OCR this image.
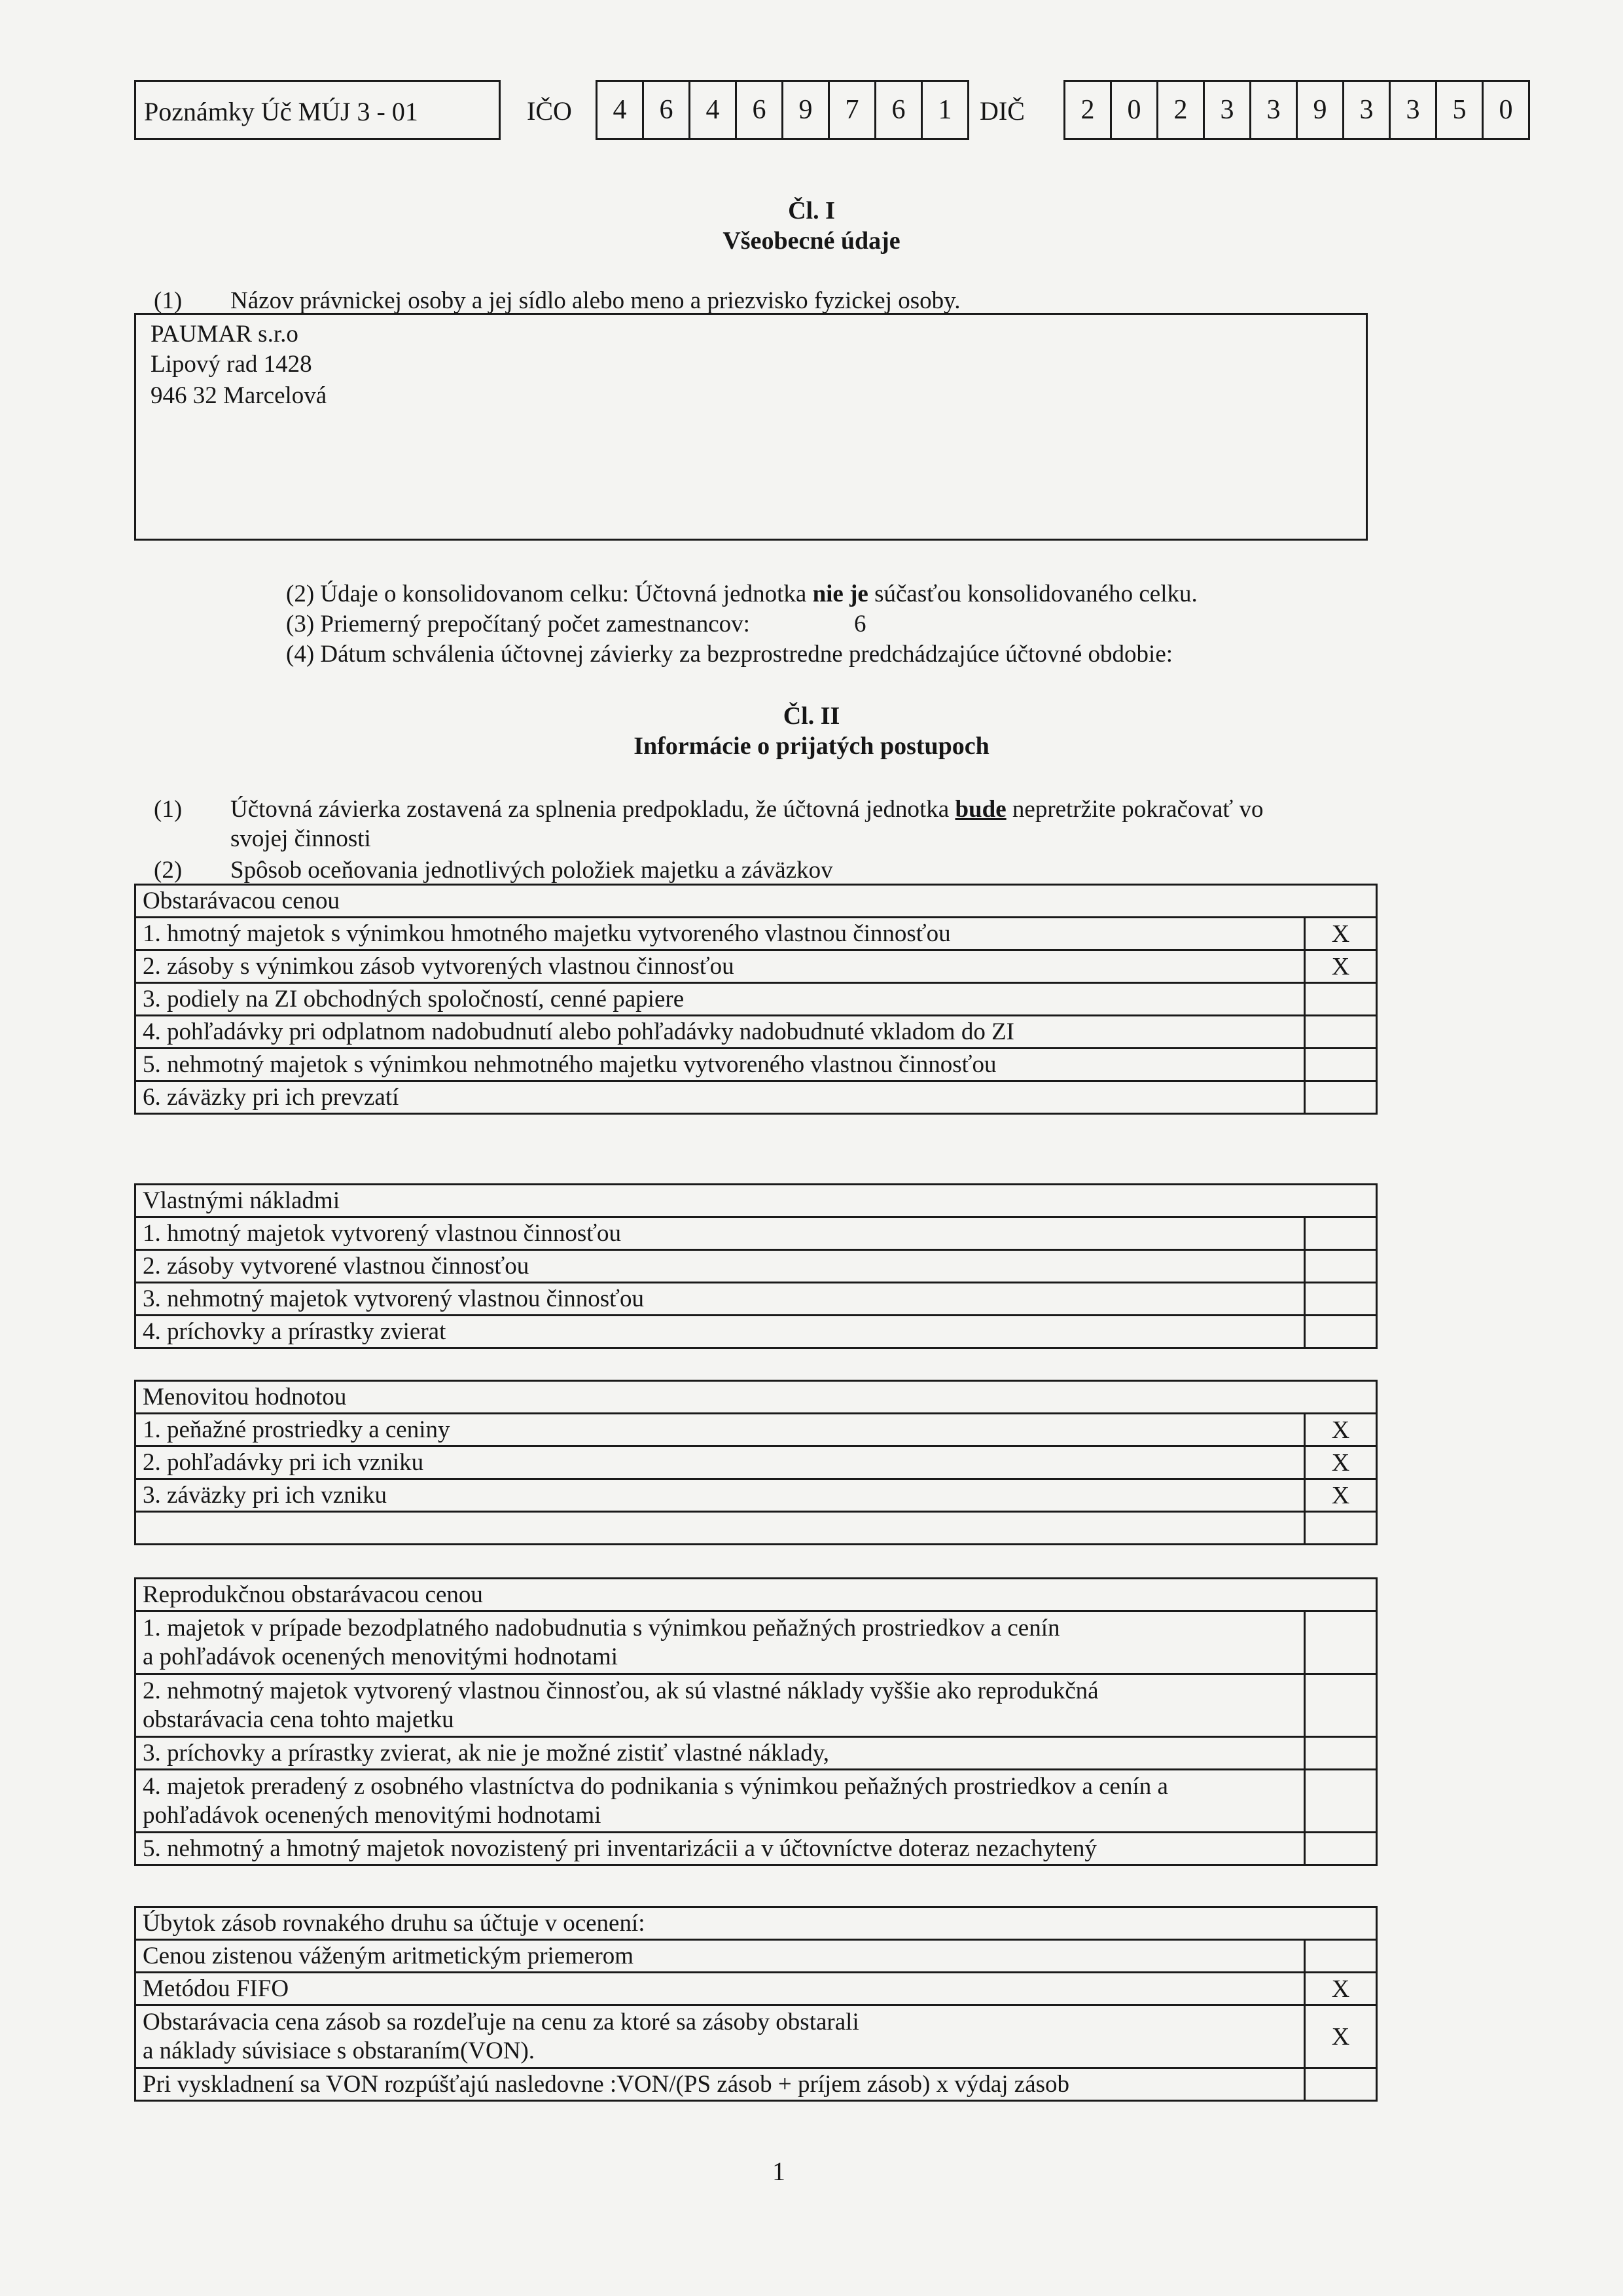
Poznámky Úč MÚJ 3 - 01	IČO	4	6	4	6	9	7	6	1	DIČ	2	0	2	3	3	9	3	3	5	0
Čl. I
Všeobecné údaje
(1) Názov právnickej osoby a jej sídlo alebo meno a priezvisko fyzickej osoby.
PAUMAR s.r.o
Lipový rad 1428
946 32 Marcelová
(2) Údaje o konsolidovanom celku: Účtovná jednotka nie je súčasťou konsolidovaného celku.
(3) Priemerný prepočítaný počet zamestnancov:	6
(4) Dátum schválenia účtovnej závierky za bezprostredne predchádzajúce účtovné obdobie:
Čl. II
Informácie o prijatých postupoch
(1) Účtovná závierka zostavená za splnenia predpokladu, že účtovná jednotka bude nepretržite pokračovať vo
svojej činnosti
(2) Spôsob oceňovania jednotlivých položiek majetku a záväzkov
Obstarávacou cenou	
1. hmotný majetok s výnimkou hmotného majetku vytvoreného vlastnou činnosťou	X
2. zásoby s výnimkou zásob vytvorených vlastnou činnosťou	X
3. podiely na ZI obchodných spoločností, cenné papiere	
4. pohľadávky pri odplatnom nadobudnutí alebo pohľadávky nadobudnuté vkladom do ZI	
5. nehmotný majetok s výnimkou nehmotného majetku vytvoreného vlastnou činnosťou	
6. záväzky pri ich prevzatí	
Vlastnými nákladmi	
1. hmotný majetok vytvorený vlastnou činnosťou	
2. zásoby vytvorené vlastnou činnosťou	
3. nehmotný majetok vytvorený vlastnou činnosťou	
4. príchovky a prírastky zvierat	
Menovitou hodnotou	
1. peňažné prostriedky a ceniny	X
2. pohľadávky pri ich vzniku	X
3. záväzky pri ich vzniku	X

Reprodukčnou obstarávacou cenou	

1. majetok v prípade bezodplatného nadobudnutia s výnimkou peňažných prostriedkov a cenín
a pohľadávok ocenených menovitými hodnotami	

2. nehmotný majetok vytvorený vlastnou činnosťou, ak sú vlastné náklady vyššie ako reprodukčná
obstarávacia cena tohto majetku	

3. príchovky a prírastky zvierat, ak nie je možné zistiť vlastné náklady,	

4. majetok preradený z osobného vlastníctva do podnikania s výnimkou peňažných prostriedkov a cenín a
pohľadávok ocenených menovitými hodnotami	

5. nehmotný a hmotný majetok novozistený pri inventarizácii a v účtovníctve doteraz nezachytený	

Úbytok zásob rovnakého druhu sa účtuje v ocenení:	

Cenou zistenou váženým aritmetickým priemerom	

Metódou FIFO	X

Obstarávacia cena zásob sa rozdeľuje na cenu za ktoré sa zásoby obstarali
a náklady súvisiace s obstaraním(VON).	X

Pri vyskladnení sa VON rozpúšťajú nasledovne :VON/(PS zásob + príjem zásob) x výdaj zásob	

1
